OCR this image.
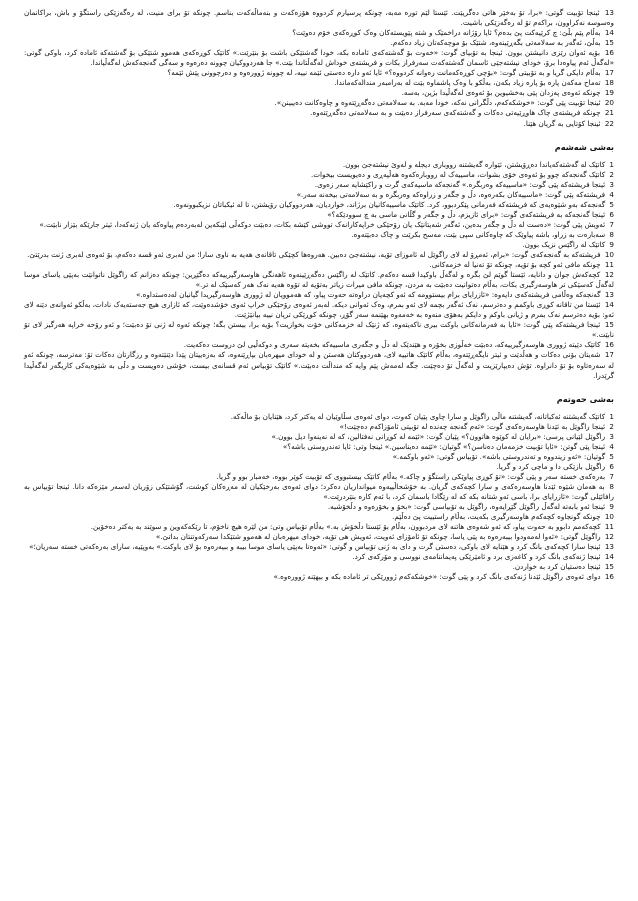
13 ئینجا تۆبیت گوتی: «برا، تۆ بەخێر هاتی دەگریێت. ئێستا لێم تورە مەبە، چونکە پرسیارم کردووە هۆزەکەت و بنەماڵەکەت بناسم. چونکە تۆ برای منیت، لە رەگەزێکی راستگۆ و باش، براکانمان وەسوسە نەکراوون، براکەم تۆ لە رەگەزێکی باشیت.

14 بەڵام پێم بڵێ: چ کرێیەکت پێ بدەم؟ ئایا رۆژانە دراخمێک و شتە پێویستەکان وەک کوڕەکەی خۆم دەوێت؟

15 بەڵێ، ئەگەر بە سەلامەتی بگەڕێینەوە، شتێک بۆ موچەکەتان زیاد دەکەم.

16 بۆیە ئەوان رێزی دانیشتن بوون. ئینجا بە تۆبیای گوت: «خەوت بۆ گەشتەکەی ئامادە بکە، خودا گەشتێکی باشت بۆ بنێرێت.» کاتێک کوڕەکەی هەموو شتێکی بۆ گەشتەکە ئامادە کرد، باوکی گوتی: «لەگەڵ ئەم پیاوەدا برۆ، خودای نیشتەجێی ئاسمان گەشتەکەت سەرفراز بکات و فریشتەی خوداش لەگەڵتاندا بێت.» جا هەردووکیان چوونە دەرەوە و سەگی گەنجەکەش لەگەڵیاندا.

17 بەڵام دایکی گریا و بە تۆبیتی گوت: «بۆچی کوڕەکەمانت رەوانە کردووە؟» ئایا ئەو دارە دەستی ئێمە نییە، لە چوونە ژوورەوە و دەرچوونی پێش ئێمە؟

18 تەماح مەکەن پارە بۆ پارە زیاد بکەن، بەڵکو با وەک پاشماوە بێت لە بەرامبەر مندالەکەماندا.

19 چونکە ئەوەی پەزدان پێی بەخشیوین بۆ ئەوەی لەگەڵیدا بژین، بەسە.

20 ئینجا تۆبیت پێی گوت: «خوشکەکەم، دڵگرانی نەکە، خودا مەبە. بە سەلامەتی دەگەڕێتەوە و چاوەکانت دەیبینن».

21 چونکە فریشتەی چاک هاوڕێیەتی دەکات و گەشتەکەی سەرفراز دەبێت و بە سەلامەتی دەگەڕێتەوە.

22 ئینجا کۆتایی بە گریان هێنا.

بەشی شەشەم

1 کاتێک لە گەشتەکەیاندا دەڕۆیشتن، ئێوارە گەیشتنە رووباری دیجلە و لەوێ نیشتەجێ بوون.

2 کاتێک گەنجەکە چوو بۆ ئەوەی خۆی بشوات، ماسییەک لە رووبارەکەوە هەڵپەڕی و دەیویست بیخوات.

3 ئینجا فریشتەکە پێی گوت: «ماسییەکە وەربگرە.» گەنجەکە ماسیەکەی گرت و راکێشایە سەر زەوی.

4 فریشتەکە پێی گوت: «ماسییەکان بکەرەوە، دڵ و جگەر و زراوەکە وەربگرە و بە سەلامەتی بیخەنە سەر.»

5 گەنجەکە بەو شێوەیەی کە فریشتەکە فەرمانی پێکردبوو، کرد. کاتێک ماسییەکانیان برژاند، خواردیان، هەردووکیان رۆیشتن، تا لە ئیکباتان نزیکبوونەوە.

6 ئینجا گەنجەکە بە فریشتەکەی گوت: «برای ئازیزم، دڵ و جگەر و گڵانی ماسی بە چ سوودێکە؟»

7 ئەویش پێی گوت: «دەست لە دڵ و جگەر بدەین، ئەگەر شەیتانێک یان رۆحێکی خراپەکارانەک تووشی کێشە بکات، دەبێت دوکەڵی لێبکەین لەبەردەم پیاوەکە یان ژنەکەدا، ئیتر جارێکە بێزار نابێت.»

8 سەبارەت بە زراو، باشە پیاوێک کە چاوەکانی سپی بێت، مەسح بکرێت و چاک دەبێتەوە.

9 کاتێک لە راگێس نزیک بوون.

10 فریشتەکە بە گەنجەکەی گوت: «برام، ئەمڕۆ لە لای راگوێل لە ئاموزای تۆیە، نیشتەجێ دەبین. هەروەها کچێکی تاقانەی هەیە بە ناوی سارا؛ من لەبری ئەو قسە دەکەم، بۆ ئەوەی لەبری ژنت بدرێتێ.

11 چونکە مافی ئەو کچە بۆ تۆیە، چونکە تۆ تەنیا لە خزمەکانی.

12 کچەکەش جوان و دانایە، ئێستا گوێم لێ بگرە و لەگەڵ باوکیدا قسە دەکەم. کاتێک لە راگێس دەگەڕێینەوە ئاهەنگی هاوسەرگیرییەکە دەگێڕین: چونکە دەزانم کە راگوێل ناتوانێت بەپێی یاسای موسا لەگەڵ کەسێکی تر هاوسەرگیری بکات، بەڵام دەتوانیت دەبێت بە مردن، چونکە مافی میرات زیاتر بەتۆیە لە تۆوە هەیە نەک هەر کەسێک لە تر.»

13 گەنجەکە وەڵامی فریشتەکەی دایەوە: «ئازرایای برام بیستوومە کە ئەو کچەیان دراوەتە حەوت پیاو، کە هەموویان لە ژووری هاوسەرگیریدا گیانیان لەدەستداوە.»

14 ئێستا من تاقانە کوڕی باوکمم و دەترسم، نەک ئەگەر بچمە لای ئەو بمرم، وەک ئەوانی دیکە. لەبەر ئەوەی رۆحێکی خراپ ئەوی خۆشدەوێت، کە ئازاری هیچ جەستەیەک نادات، بەڵکو ئەوانەی دێنە لای ئەو: بۆیە دەترسم نەک بمرم و ژیانی باوکم و دایکم بەهۆی منەوە بە خەمەوە بهێنمە سەر گۆڕ، چونکە کوڕێکی تریان نییە بیانێژێت.

15 ئینجا فریشتەکە پێی گوت: «ئایا بە فەرمانەکانی باوکت بیری ناکەیتەوە، کە ژنێک لە خزمەکانی خۆت بخوازیت؟ بۆیە برا، بیستن بگە؛ چونکە ئەوە لە ژنی تۆ دەبێت؛ و ئەو رۆحە خراپە هەرگیز لای تۆ نابێت.»

16 کاتێک دێیتە ژووری هاوسەرگیرییەکە، دەبێت خەڵوزی بخۆرە و هێندێک لە دڵ و جگەری ماسییەکە بخەیتە سەری و دوکەڵیی لێ دروست دەکەیت.

17 شەیتان بۆنی دەکات و هەڵدێت و ئیتر نایگەڕێتەوە، بەڵام کاتێک هاتییە لای، هەردووکتان هەستن و لە خودای میهرەبان بپاڕێنەوە، کە بەزەییتان پێدا دێنێتەوە و رزگارتان دەکات تۆ: مەترسە، چونکە ئەو لە سەرەتاوە بۆ تۆ دانراوە. تۆش دەیپارێزیت و لەگەڵ تۆ دەچێت. جگە لەمەش پێم وایە کە منداڵت دەبێت.» کاتێک تۆبیاس ئەم قسانەی بیست، خۆشی دەویست و دڵی بە شێوەیەکی کاریگەر لەگەڵیدا گرێدرا.

بەشی حەوتەم

1 کاتێک گەیشتنە ئەکباتانە، گەیشتنە ماڵی راگوێل و سارا چاوی پێیان کەوت، دوای ئەوەی سڵاوێیان لە یەکتر کرد، هێنایان بۆ ماڵەکە.

2 ئینجا راگوێل بە ئێدنا هاوسەرەکەی گوت: «ئەم گەنجە چەندە لە تۆبیتی ئامۆزاکەم دەچێت!»

3 راگوێل لێیانی پرسی: «برایان لە کوێوە هاتوون؟» پێیان گوت: «ئێمە لە کوڕانی نەفتالین، کە لە نەینەوا دیل بوون.»

4 ئینجا پێی گوتن: «ئایا تۆبیت خزمەمان دەناسن؟» گوتیان: «ئێمە دەیناسین.» ئینجا وتی: ئایا تەندروستی باشە؟»

5 گوتیان: «ئەو زیندووە و تەندروستی باشە». تۆبیاس گوتی: «ئەو باوکمە.»

6 راگوێل بازێکی دا و ماچی کرد و گریا.

7 بەرەکەی خستە سەر و پێی گوت: «تۆ کوڕی پیاوێکی راستگۆ و چاکە.» بەڵام کاتێک بیستبووی کە تۆبیت کوێر بووە، خەمبار بوو و گریا.

8 بە هەمان شێوە ئێدنا هاوسەرەکەی و سارا کچەکەی گریان. بە خۆشحاڵییەوە میوانداریان دەکرد؛ دوای ئەوەی بەرخێکیان لە مەڕەکان کوشت، گۆشتێکی زۆریان لەسەر مێزەکە دانا. ئینجا تۆبیاس بە رافائێلی گوت: «ئازرایای برا، باسی ئەو شتانە بکە کە لە رێگادا باسمان کرد، با ئەم کارە بنێردرێت.»

9 ئینجا ئەو بابەتە لەگەڵ راگوێل گێڕایەوە، راگوێل بە تۆبیاسی گوت: «بخۆ و بخۆرەوە و دڵخۆشبە.

10 چونکە گونجاوە کچەکەم هاوسەرگیری بکەیت، بەڵام راستییت پێ دەڵێم.

11 کچەکەمم دابوو بە حەوت پیاو، کە ئەو شەوەی هاتنە لای مردبوون، بەڵام بۆ ئێستا دڵخۆش بە.» بەڵام تۆبیاس وتی: من لێرە هیچ ناخۆم، تا رێکەکەوین و سوێند بە یەکتر دەخۆین.

12 راگوێل گوتی: «ئەوا لەمەودوا بیبەرەوە بە پێی یاسا، چونکە تۆ ئامۆزای ئەویت، ئەویش هی تۆیە، خودای میهرەبان لە هەموو شتێکدا سەرکەوتنتان بداتێ.»

13 ئینجا سارا کچەکەی بانگ کرد و هێنایە لای باوکی، دەستی گرت و دای بە ژنی تۆبیاس و گوتی: «ئەوەتا بەپێی یاسای موسا بیبە و ببیەرەوە بۆ لای باوکت.» بەوپێیە، سارای بەرەکەتی خستە سەریان؛»

14 ئینجا ژنەکەی بانگ کرد و کاغەزی برد و ئامێرێکی پەیماننامەی نووسی و مۆرکەی کرد.

15 ئینجا دەستیان کرد بە خواردن.

16 دوای ئەوەی راگوێل ئێدنا ژنەکەی بانگ کرد و پێی گوت: «خوشکەکەم ژوورێکی تر ئامادە بکە و بیهێنە ژوورەوە.»
